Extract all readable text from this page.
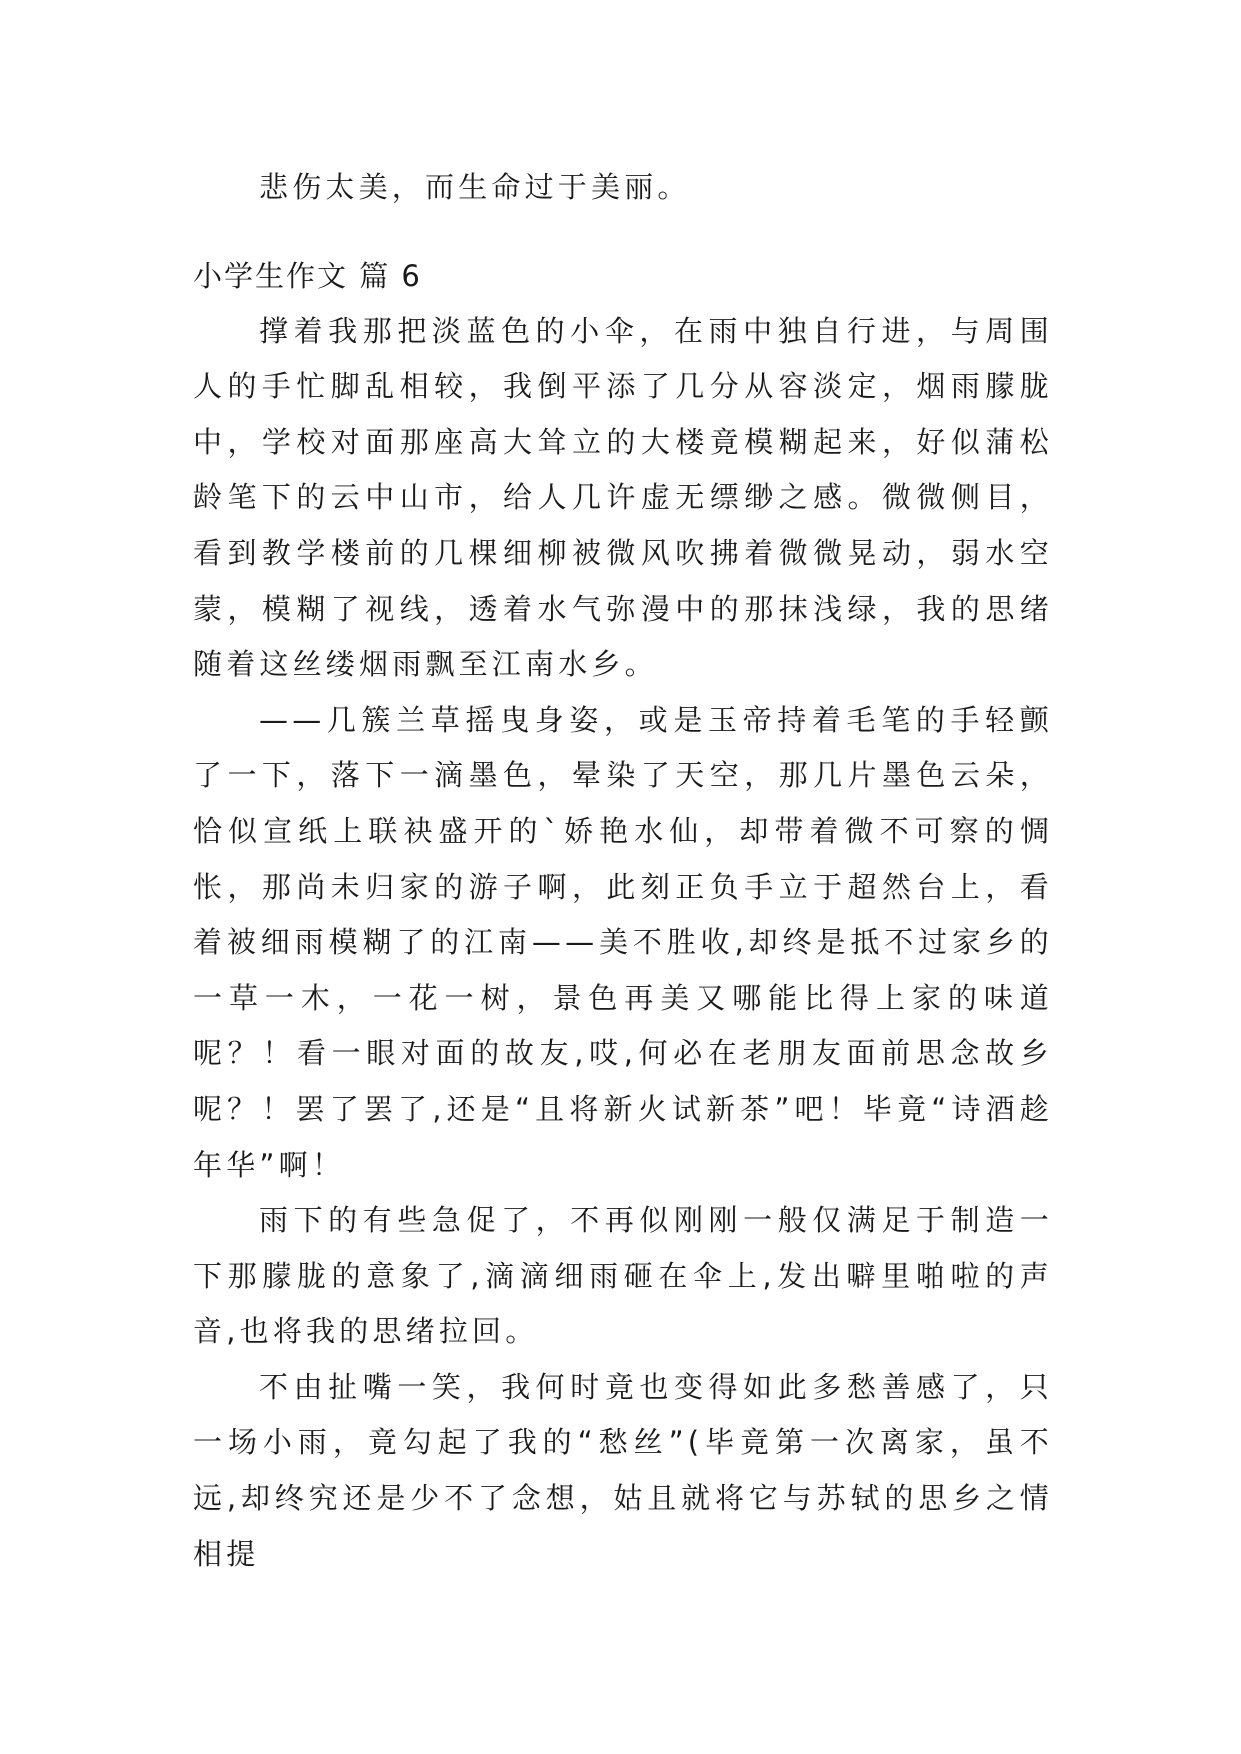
悲伤太美，而生命过于美丽。

小学生作文 篇 6

撑着我那把淡蓝色的小伞，在雨中独自行进，与周围人的手忙脚乱相较，我倒平添了几分从容淡定，烟雨朦胧中，学校对面那座高大耸立的大楼竟模糊起来，好似蒲松龄笔下的云中山市，给人几许虚无缥缈之感。微微侧目，看到教学楼前的几棵细柳被微风吹拂着微微晃动，弱水空蒙，模糊了视线，透着水气弥漫中的那抹浅绿，我的思绪随着这丝缕烟雨飘至江南水乡。

——几簇兰草摇曳身姿，或是玉帝持着毛笔的手轻颤了一下，落下一滴墨色，晕染了天空，那几片墨色云朵，恰似宣纸上联袂盛开的`娇艳水仙，却带着微不可察的惆怅，那尚未归家的游子啊，此刻正负手立于超然台上，看着被细雨模糊了的江南——美不胜收,却终是抵不过家乡的一草一木，一花一树，景色再美又哪能比得上家的味道呢？！看一眼对面的故友,哎,何必在老朋友面前思念故乡呢？！罢了罢了,还是“且将新火试新茶”吧！毕竟“诗酒趁年华”啊！

雨下的有些急促了，不再似刚刚一般仅满足于制造一下那朦胧的意象了,滴滴细雨砸在伞上,发出噼里啪啦的声音,也将我的思绪拉回。

不由扯嘴一笑，我何时竟也变得如此多愁善感了，只一场小雨，竟勾起了我的“愁丝”(毕竟第一次离家，虽不远,却终究还是少不了念想，姑且就将它与苏轼的思乡之情相提
